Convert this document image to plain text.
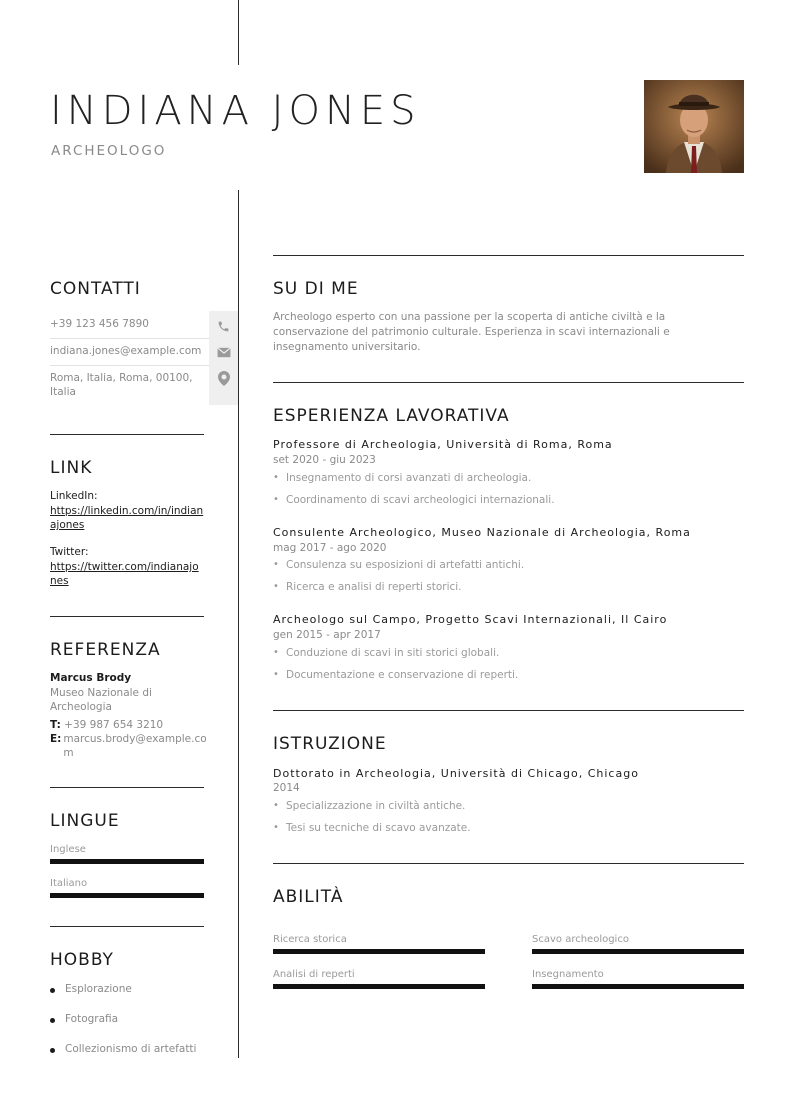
INDIANA JONES
ARCHEOLOGO
CONTATTI
+39 123 456 7890
indiana.jones@example.com
Roma, Italia, Roma, 00100, Italia
LINK
LinkedIn:
https://linkedin.com/in/indianajones
Twitter:
https://twitter.com/indianajones
REFERENZA
Marcus Brody
Museo Nazionale di Archeologia
T: +39 987 654 3210
E: marcus.brody@example.com
LINGUE
Inglese
Italiano
HOBBY
Esplorazione
Fotografia
Collezionismo di artefatti
SU DI ME
Archeologo esperto con una passione per la scoperta di antiche civiltà e la conservazione del patrimonio culturale. Esperienza in scavi internazionali e insegnamento universitario.
ESPERIENZA LAVORATIVA
Professore di Archeologia, Università di Roma, Roma
set 2020 - giu 2023
• Insegnamento di corsi avanzati di archeologia.
• Coordinamento di scavi archeologici internazionali.
Consulente Archeologico, Museo Nazionale di Archeologia, Roma
mag 2017 - ago 2020
• Consulenza su esposizioni di artefatti antichi.
• Ricerca e analisi di reperti storici.
Archeologo sul Campo, Progetto Scavi Internazionali, Il Cairo
gen 2015 - apr 2017
• Conduzione di scavi in siti storici globali.
• Documentazione e conservazione di reperti.
ISTRUZIONE
Dottorato in Archeologia, Università di Chicago, Chicago
2014
• Specializzazione in civiltà antiche.
• Tesi su tecniche di scavo avanzate.
ABILITÀ
Ricerca storica	Scavo archeologico
Analisi di reperti	Insegnamento
